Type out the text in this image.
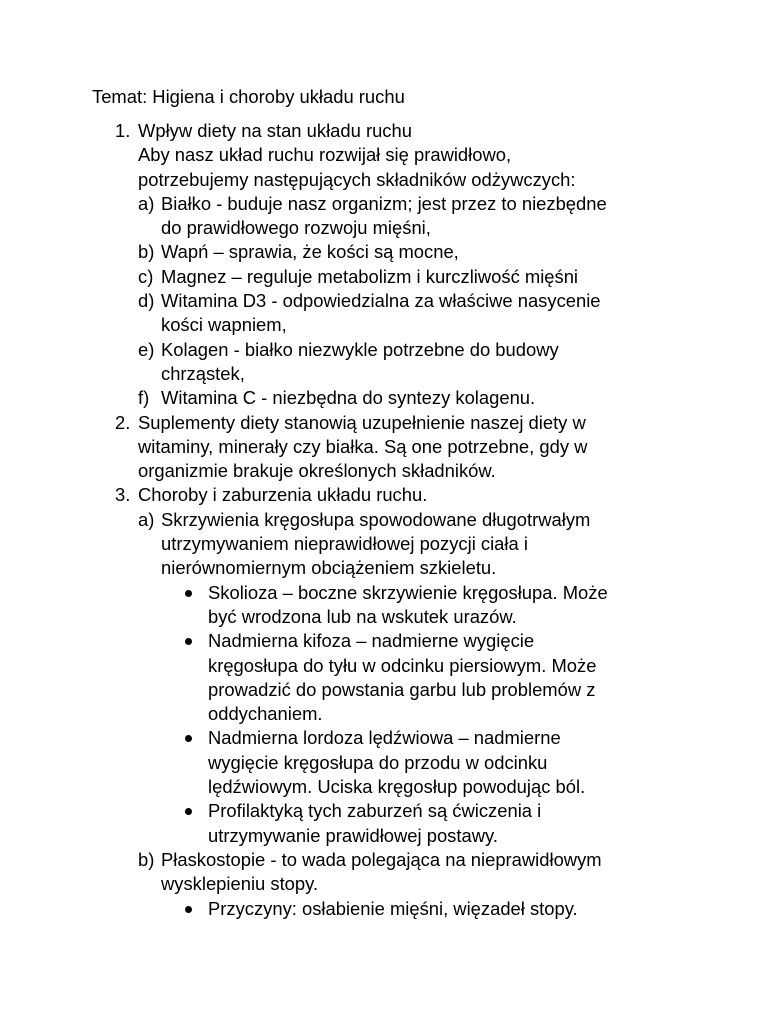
Temat: Higiena i choroby układu ruchu
1. Wpływ diety na stan układu ruchu
Aby nasz układ ruchu rozwijał się prawidłowo,
potrzebujemy następujących składników odżywczych:
a) Białko - buduje nasz organizm; jest przez to niezbędne
do prawidłowego rozwoju mięśni,
b) Wapń – sprawia, że kości są mocne,
c) Magnez – reguluje metabolizm i kurczliwość mięśni
d) Witamina D3 - odpowiedzialna za właściwe nasycenie
kości wapniem,
e) Kolagen - białko niezwykle potrzebne do budowy
chrząstek,
f) Witamina C - niezbędna do syntezy kolagenu.
2. Suplementy diety stanowią uzupełnienie naszej diety w
witaminy, minerały czy białka. Są one potrzebne, gdy w
organizmie brakuje określonych składników.
3. Choroby i zaburzenia układu ruchu.
a) Skrzywienia kręgosłupa spowodowane długotrwałym
utrzymywaniem nieprawidłowej pozycji ciała i
nierównomiernym obciążeniem szkieletu.
Skolioza – boczne skrzywienie kręgosłupa. Może
być wrodzona lub na wskutek urazów.
Nadmierna kifoza – nadmierne wygięcie
kręgosłupa do tyłu w odcinku piersiowym. Może
prowadzić do powstania garbu lub problemów z
oddychaniem.
Nadmierna lordoza lędźwiowa – nadmierne
wygięcie kręgosłupa do przodu w odcinku
lędźwiowym. Uciska kręgosłup powodując ból.
Profilaktyką tych zaburzeń są ćwiczenia i
utrzymywanie prawidłowej postawy.
b) Płaskostopie - to wada polegająca na nieprawidłowym
wysklepieniu stopy.
Przyczyny: osłabienie mięśni, więzadeł stopy.
